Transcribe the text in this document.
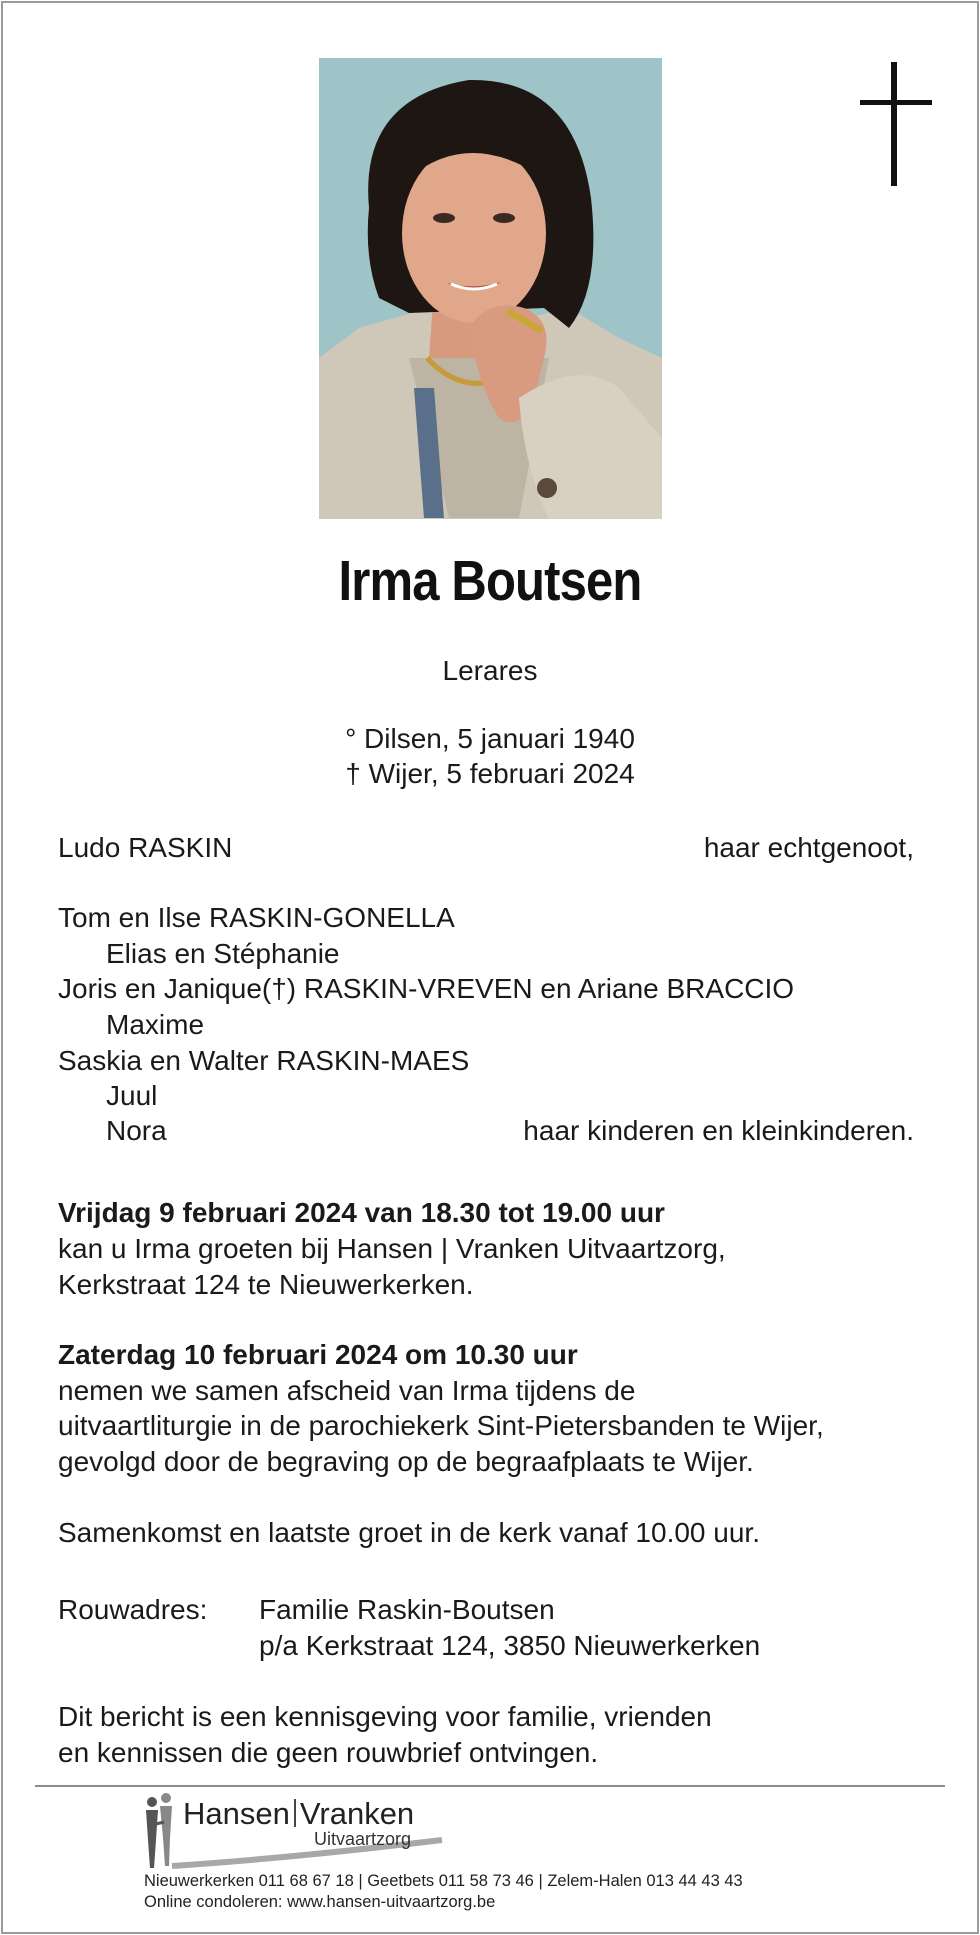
Irma Boutsen
Lerares
° Dilsen, 5 januari 1940
† Wijer, 5 februari 2024
Ludo RASKIN	haar echtgenoot,
Tom en Ilse RASKIN-GONELLA
Elias en Stéphanie
Joris en Janique(†) RASKIN-VREVEN en Ariane BRACCIO
Maxime
Saskia en Walter RASKIN-MAES
Juul
Nora	haar kinderen en kleinkinderen.
Vrijdag 9 februari 2024 van 18.30 tot 19.00 uur
kan u Irma groeten bij Hansen | Vranken Uitvaartzorg,
Kerkstraat 124 te Nieuwerkerken.
Zaterdag 10 februari 2024 om 10.30 uur
nemen we samen afscheid van Irma tijdens de
uitvaartliturgie in de parochiekerk Sint-Pietersbanden te Wijer,
gevolgd door de begraving op de begraafplaats te Wijer.
Samenkomst en laatste groet in de kerk vanaf 10.00 uur.
Rouwadres: Familie Raskin-Boutsen
p/a Kerkstraat 124, 3850 Nieuwerkerken
Dit bericht is een kennisgeving voor familie, vrienden
en kennissen die geen rouwbrief ontvingen.
Hansen Vranken
Uitvaartzorg
Nieuwerkerken 011 68 67 18 | Geetbets 011 58 73 46 | Zelem-Halen 013 44 43 43
Online condoleren: www.hansen-uitvaartzorg.be
